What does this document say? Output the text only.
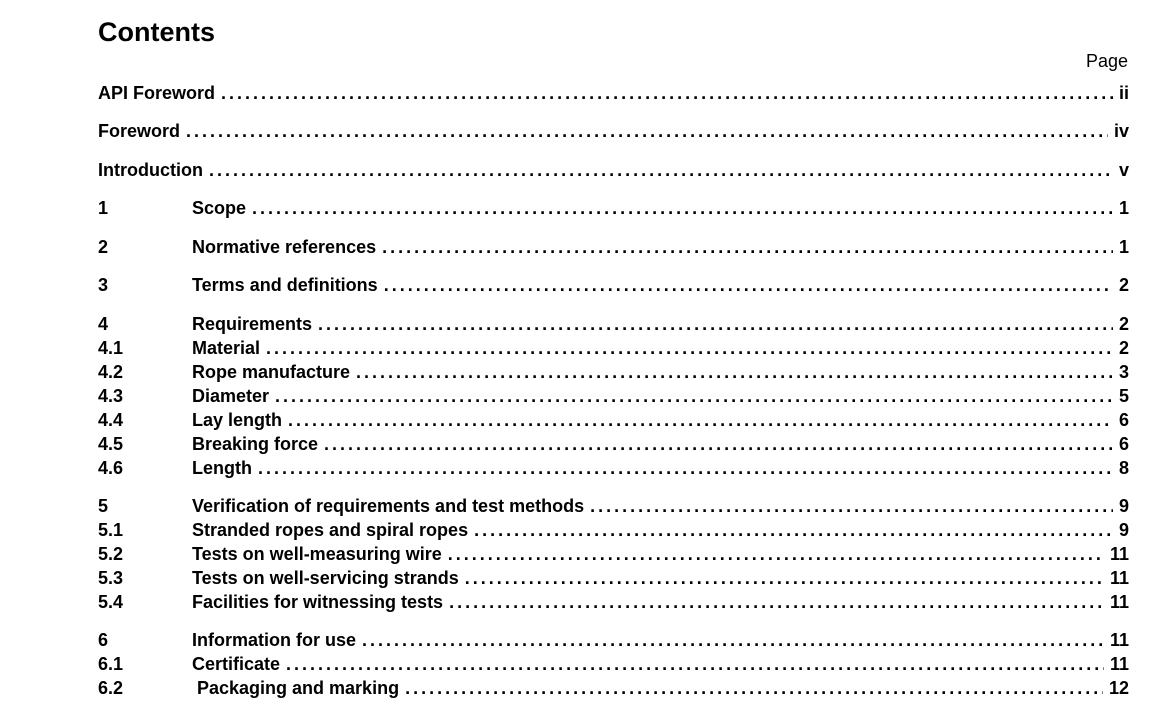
Contents
Page
API Foreword . . .	ii
Foreword . . .	iv
Introduction . . .	v
1	Scope . . .	1
2	Normative references . . .	1
3	Terms and definitions . . .	2
4	Requirements . . .	2
4.1	Material . . .	2
4.2	Rope manufacture . . .	3
4.3	Diameter . . .	5
4.4	Lay length . . .	6
4.5	Breaking force . . .	6
4.6	Length . . .	8
5	Verification of requirements and test methods . . .	9
5.1	Stranded ropes and spiral ropes . . .	9
5.2	Tests on well-measuring wire . . .	11
5.3	Tests on well-servicing strands . . .	11
5.4	Facilities for witnessing tests . . .	11
6	Information for use . . .	11
6.1	Certificate . . .	11
6.2	Packaging and marking . . .	12
